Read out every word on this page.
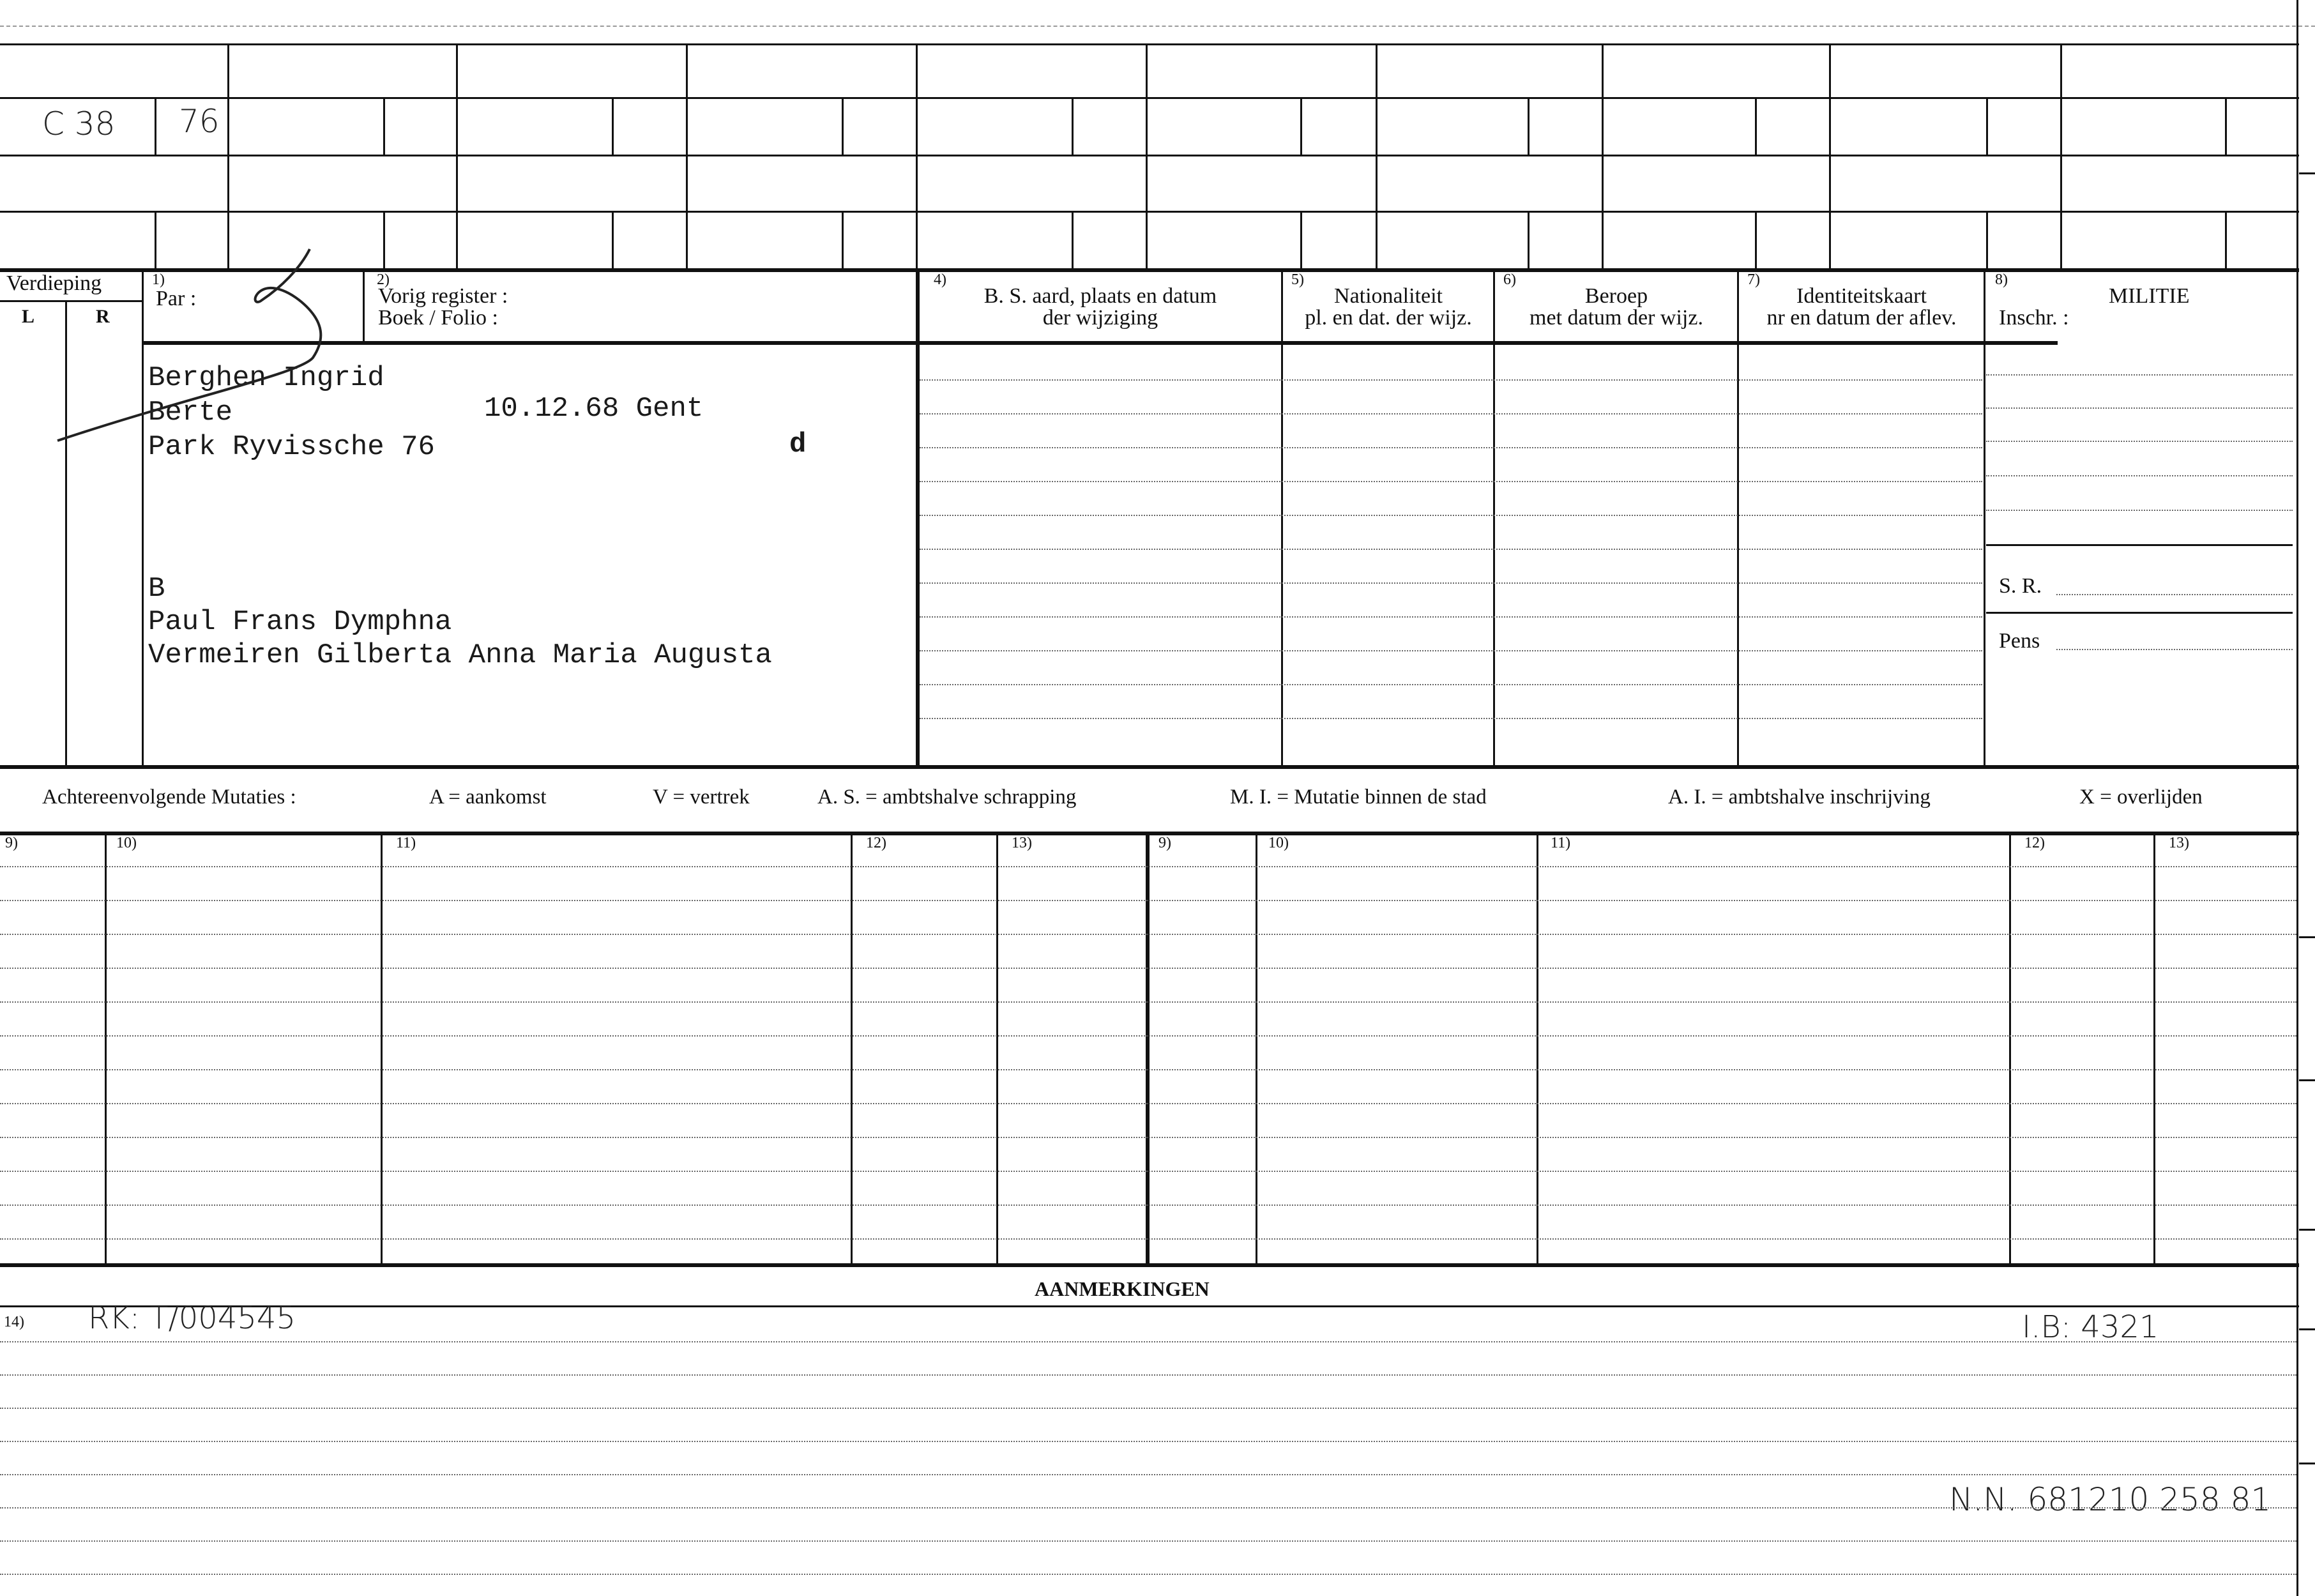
C 38 76
Verdieping
L	R
1)
Par :
2)
Vorig register :
Boek / Folio :
4)
B. S. aard, plaats en datum
der wijziging
5)
Nationaliteit
pl. en dat. der wijz.
6)
Beroep
met datum der wijz.
7)
Identiteitskaart
nr en datum der aflev.
8)
MILITIE
Inschr. :
S. R.
Pens
Berghen Ingrid
Berte	10.12.68 Gent
Park Ryvissche 76	d
B
Paul Frans Dymphna
Vermeiren Gilberta Anna Maria Augusta
Achtereenvolgende Mutaties :	A = aankomst	V = vertrek	A. S. = ambtshalve schrapping	M. I. = Mutatie binnen de stad	A. I. = ambtshalve inschrijving	X = overlijden
9)	10)	11)	12)	13)	9)	10)	11)	12)	13)
AANMERKINGEN
14) RK: T/004545	I.B: 4321
N.N. 681210 258 81
